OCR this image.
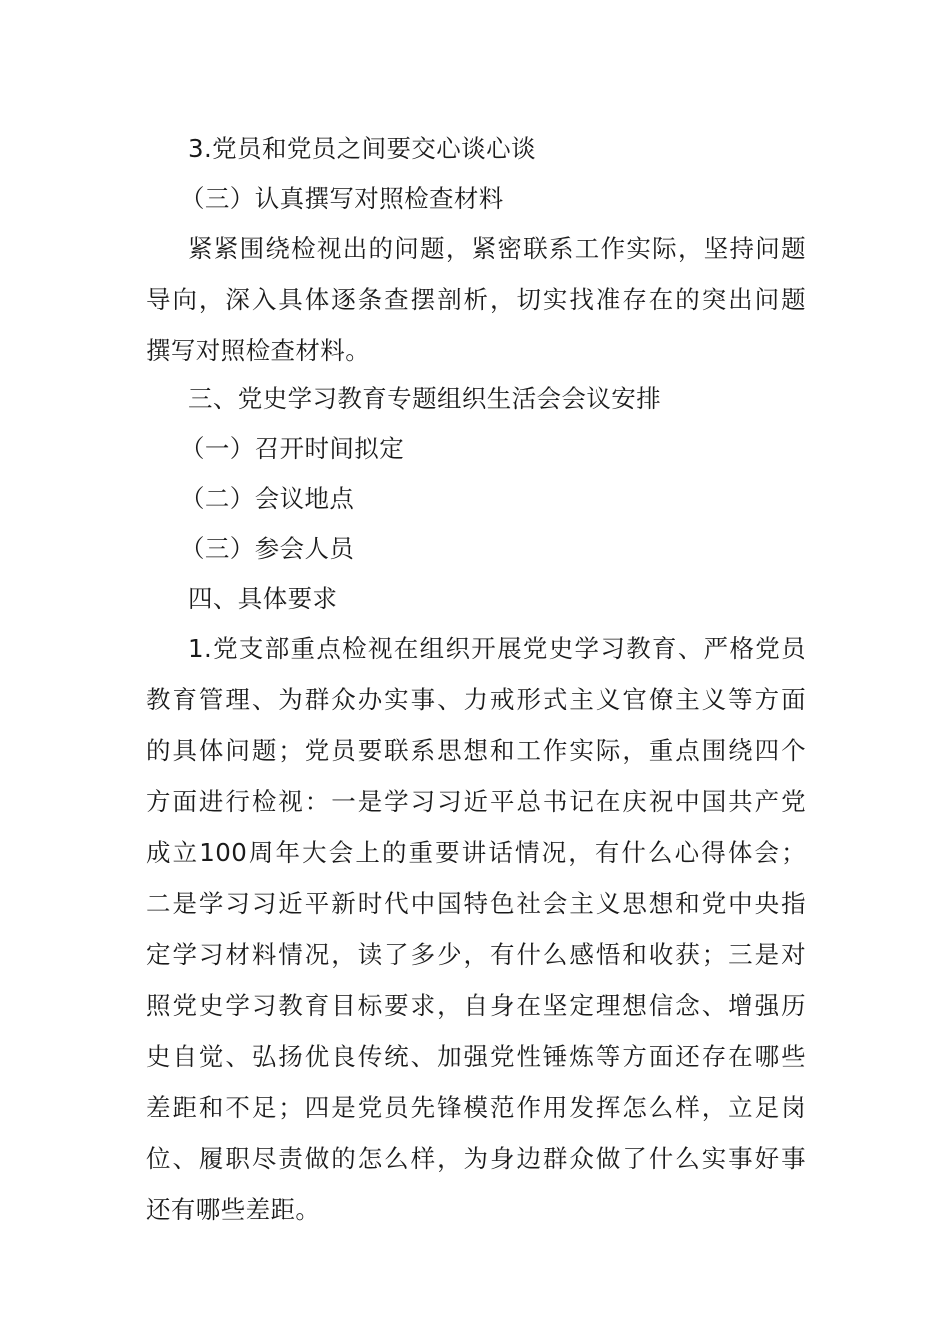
3.党员和党员之间要交心谈心谈
（三）认真撰写对照检查材料
紧紧围绕检视出的问题，紧密联系工作实际，坚持问题
导向，深入具体逐条查摆剖析，切实找准存在的突出问题
撰写对照检查材料。
三、党史学习教育专题组织生活会会议安排
（一）召开时间拟定
（二）会议地点
（三）参会人员
四、具体要求
1.党支部重点检视在组织开展党史学习教育、严格党员
教育管理、为群众办实事、力戒形式主义官僚主义等方面
的具体问题；党员要联系思想和工作实际，重点围绕四个
方面进行检视：一是学习习近平总书记在庆祝中国共产党
成立100周年大会上的重要讲话情况，有什么心得体会；
二是学习习近平新时代中国特色社会主义思想和党中央指
定学习材料情况，读了多少，有什么感悟和收获；三是对
照党史学习教育目标要求，自身在坚定理想信念、增强历
史自觉、弘扬优良传统、加强党性锤炼等方面还存在哪些
差距和不足；四是党员先锋模范作用发挥怎么样，立足岗
位、履职尽责做的怎么样，为身边群众做了什么实事好事
还有哪些差距。
